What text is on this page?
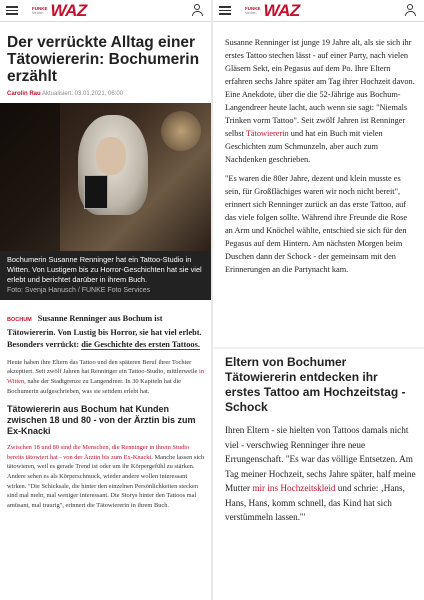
FUNKE
Medien WAZ
Der verrückte Alltag einer Tätowiererin: Bochumerin erzählt
Carolin Rau Aktualisiert: 03.01.2021, 06:00
Bochumerin Susanne Renninger hat ein Tattoo-Studio in Witten. Von Lustigem bis zu Horror-Geschichten hat sie viel erlebt und berichtet darüber in ihrem Buch.
Foto: Svenja Hanusch / FUNKE Foto Services
BOCHUM Susanne Renninger aus Bochum ist Tätowiererin. Von Lustig bis Horror, sie hat viel erlebt. Besonders verrückt: die Geschichte des ersten Tattoos.
Heute haben ihre Eltern das Tattoo und den späteren Beruf ihrer Tochter akzeptiert. Seit zwölf Jahren hat Renninger ein Tattoo-Studio, mittlerweile in Witten, nahe der Stadtgrenze zu Langendreer. In 30 Kapiteln hat die Bochumerin aufgeschrieben, was sie seitdem erlebt hat.
Tätowiererin aus Bochum hat Kunden zwischen 18 und 80 - von der Ärztin bis zum Ex-Knacki
Zwischen 18 und 80 sind die Menschen, die Renninger in ihrem Studio bereits tätowiert hat - von der Ärztin bis zum Ex-Knacki. Manche lassen sich tätowieren, weil es gerade Trend ist oder um ihr Körpergefühl zu stärken. Andere sehen es als Körperschmuck, wieder andere wollen interessant wirken. "Die Schicksale, die hinter den einzelnen Persönlichkeiten stecken sind mal mehr, mal weniger interessant. Die Storys hinter den Tattoos mal amüsant, mal traurig", erinnert die Tätowiererin in ihrem Buch.
FUNKE
Medien WAZ

Susanne Renninger ist junge 19 Jahre alt, als sie sich ihr erstes Tattoo stechen lässt - auf einer Party, nach vielen Gläsern Sekt, ein Pegasus auf dem Po. Ihre Eltern erfahren sechs Jahre später am Tag ihrer Hochzeit davon. Eine Anekdote, über die die 52-Jährige aus Bochum-Langendreer heute lacht, auch wenn sie sagt: "Niemals Trinken vorm Tattoo". Seit zwölf Jahren ist Renninger selbst Tätowiererin und hat ein Buch mit vielen Geschichten zum Schmunzeln, aber auch zum Nachdenken geschrieben.

"Es waren die 80er Jahre, dezent und klein musste es sein, für Großflächiges waren wir noch nicht bereit", erinnert sich Renninger zurück an das erste Tattoo, auf das viele folgen sollte. Während ihre Freunde die Rose an Arm und Knöchel wählte, entschied sie sich für den Pegasus auf dem Hintern. Am nächsten Morgen beim Duschen dann der Schock - der gemeinsam mit den Erinnerungen an die Partynacht kam.

Eltern von Bochumer Tätowiererin entdecken ihr erstes Tattoo am Hochzeitstag - Schock
Ihren Eltern - sie hielten von Tattoos damals nicht viel - verschwieg Renninger ihre neue Errungenschaft. "Es war das völlige Entsetzen. Am Tag meiner Hochzeit, sechs Jahre später, half meine Mutter mir ins Hochzeitskleid und schrie: ‚Hans, Hans, Hans, komm schnell, das Kind hat sich verstümmeln lassen.'"
